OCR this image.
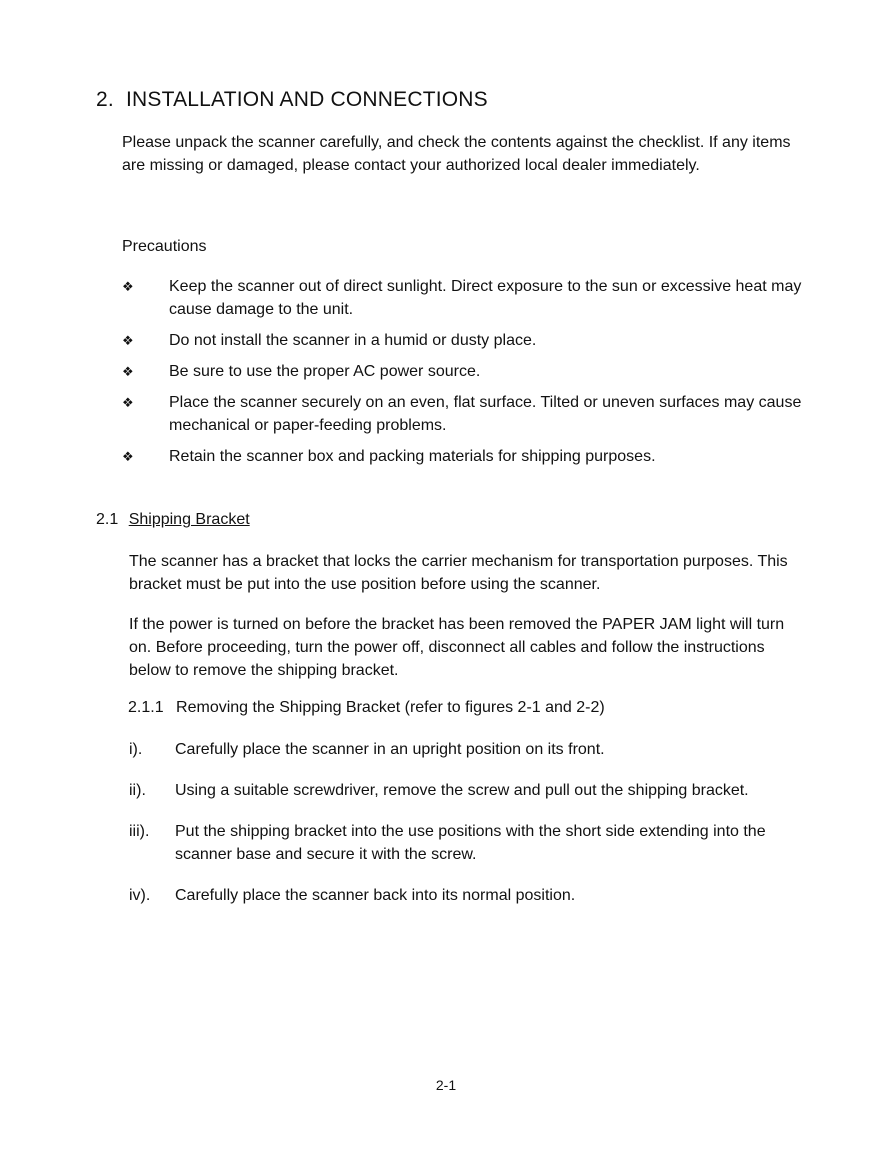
2. INSTALLATION AND CONNECTIONS

Please unpack the scanner carefully, and check the contents against the checklist. If any items are missing or damaged, please contact your authorized local dealer immediately.

Precautions

❖ Keep the scanner out of direct sunlight. Direct exposure to the sun or excessive heat may cause damage to the unit.
❖ Do not install the scanner in a humid or dusty place.
❖ Be sure to use the proper AC power source.
❖ Place the scanner securely on an even, flat surface. Tilted or uneven surfaces may cause mechanical or paper-feeding problems.
❖ Retain the scanner box and packing materials for shipping purposes.
2.1 Shipping Bracket

The scanner has a bracket that locks the carrier mechanism for transportation purposes. This bracket must be put into the use position before using the scanner.

If the power is turned on before the bracket has been removed the PAPER JAM light will turn on. Before proceeding, turn the power off, disconnect all cables and follow the instructions below to remove the shipping bracket.

2.1.1 Removing the Shipping Bracket (refer to figures 2-1 and 2-2)
i). Carefully place the scanner in an upright position on its front.
ii). Using a suitable screwdriver, remove the screw and pull out the shipping bracket.
iii). Put the shipping bracket into the use positions with the short side extending into the scanner base and secure it with the screw.
iv). Carefully place the scanner back into its normal position.
2-1
